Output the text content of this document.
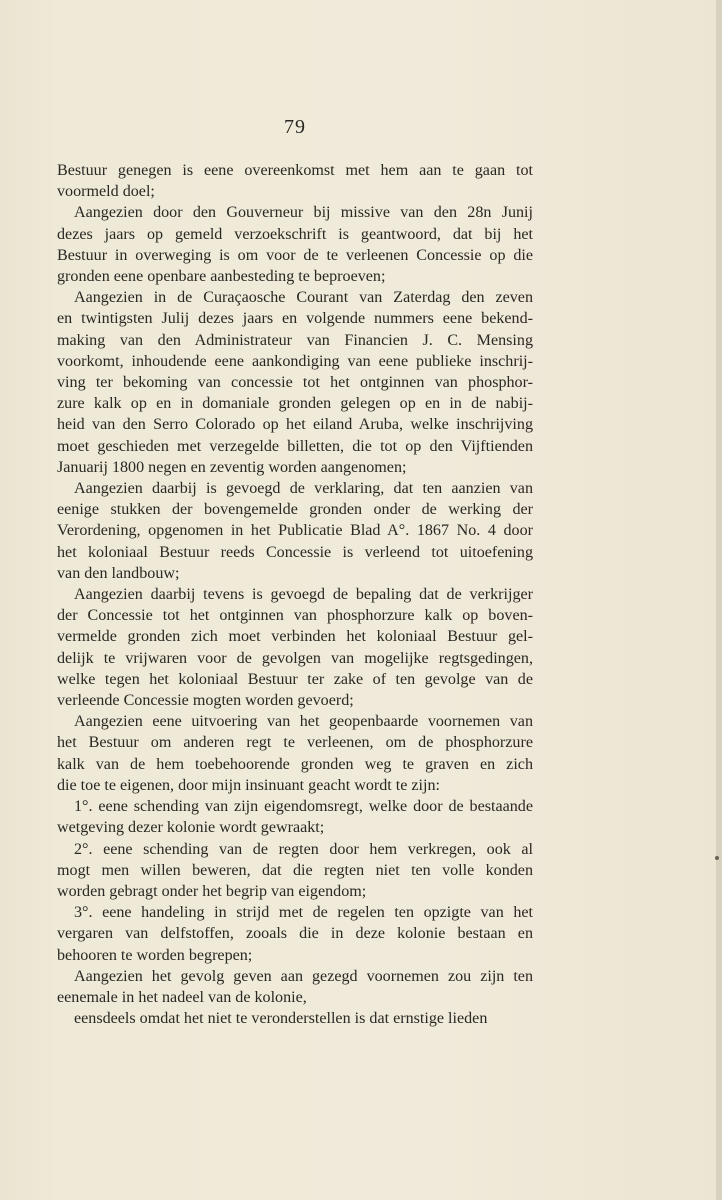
79

Bestuur genegen is eene overeenkomst met hem aan te gaan tot

voormeld doel;

Aangezien door den Gouverneur bij missive van den 28n Junij

dezes jaars op gemeld verzoekschrift is geantwoord, dat bij het

Bestuur in overweging is om voor de te verleenen Concessie op die

gronden eene openbare aanbesteding te beproeven;

Aangezien in de Curaçaosche Courant van Zaterdag den zeven

en twintigsten Julij dezes jaars en volgende nummers eene bekend-

making van den Administrateur van Financien J. C. Mensing

voorkomt, inhoudende eene aankondiging van eene publieke inschrij-

ving ter bekoming van concessie tot het ontginnen van phosphor-

zure kalk op en in domaniale gronden gelegen op en in de nabij-

heid van den Serro Colorado op het eiland Aruba, welke inschrijving

moet geschieden met verzegelde billetten, die tot op den Vijftienden

Januarij 1800 negen en zeventig worden aangenomen;

Aangezien daarbij is gevoegd de verklaring, dat ten aanzien van

eenige stukken der bovengemelde gronden onder de werking der

Verordening, opgenomen in het Publicatie Blad A°. 1867 No. 4 door

het koloniaal Bestuur reeds Concessie is verleend tot uitoefening

van den landbouw;

Aangezien daarbij tevens is gevoegd de bepaling dat de verkrijger

der Concessie tot het ontginnen van phosphorzure kalk op boven-

vermelde gronden zich moet verbinden het koloniaal Bestuur gel-

delijk te vrijwaren voor de gevolgen van mogelijke regtsgedingen,

welke tegen het koloniaal Bestuur ter zake of ten gevolge van de

verleende Concessie mogten worden gevoerd;

Aangezien eene uitvoering van het geopenbaarde voornemen van

het Bestuur om anderen regt te verleenen, om de phosphorzure

kalk van de hem toebehoorende gronden weg te graven en zich

die toe te eigenen, door mijn insinuant geacht wordt te zijn:

1°. eene schending van zijn eigendomsregt, welke door de bestaande

wetgeving dezer kolonie wordt gewraakt;

2°. eene schending van de regten door hem verkregen, ook al

mogt men willen beweren, dat die regten niet ten volle konden

worden gebragt onder het begrip van eigendom;

3°. eene handeling in strijd met de regelen ten opzigte van het

vergaren van delfstoffen, zooals die in deze kolonie bestaan en

behooren te worden begrepen;

Aangezien het gevolg geven aan gezegd voornemen zou zijn ten

eenemale in het nadeel van de kolonie,

eensdeels omdat het niet te veronderstellen is dat ernstige lieden
